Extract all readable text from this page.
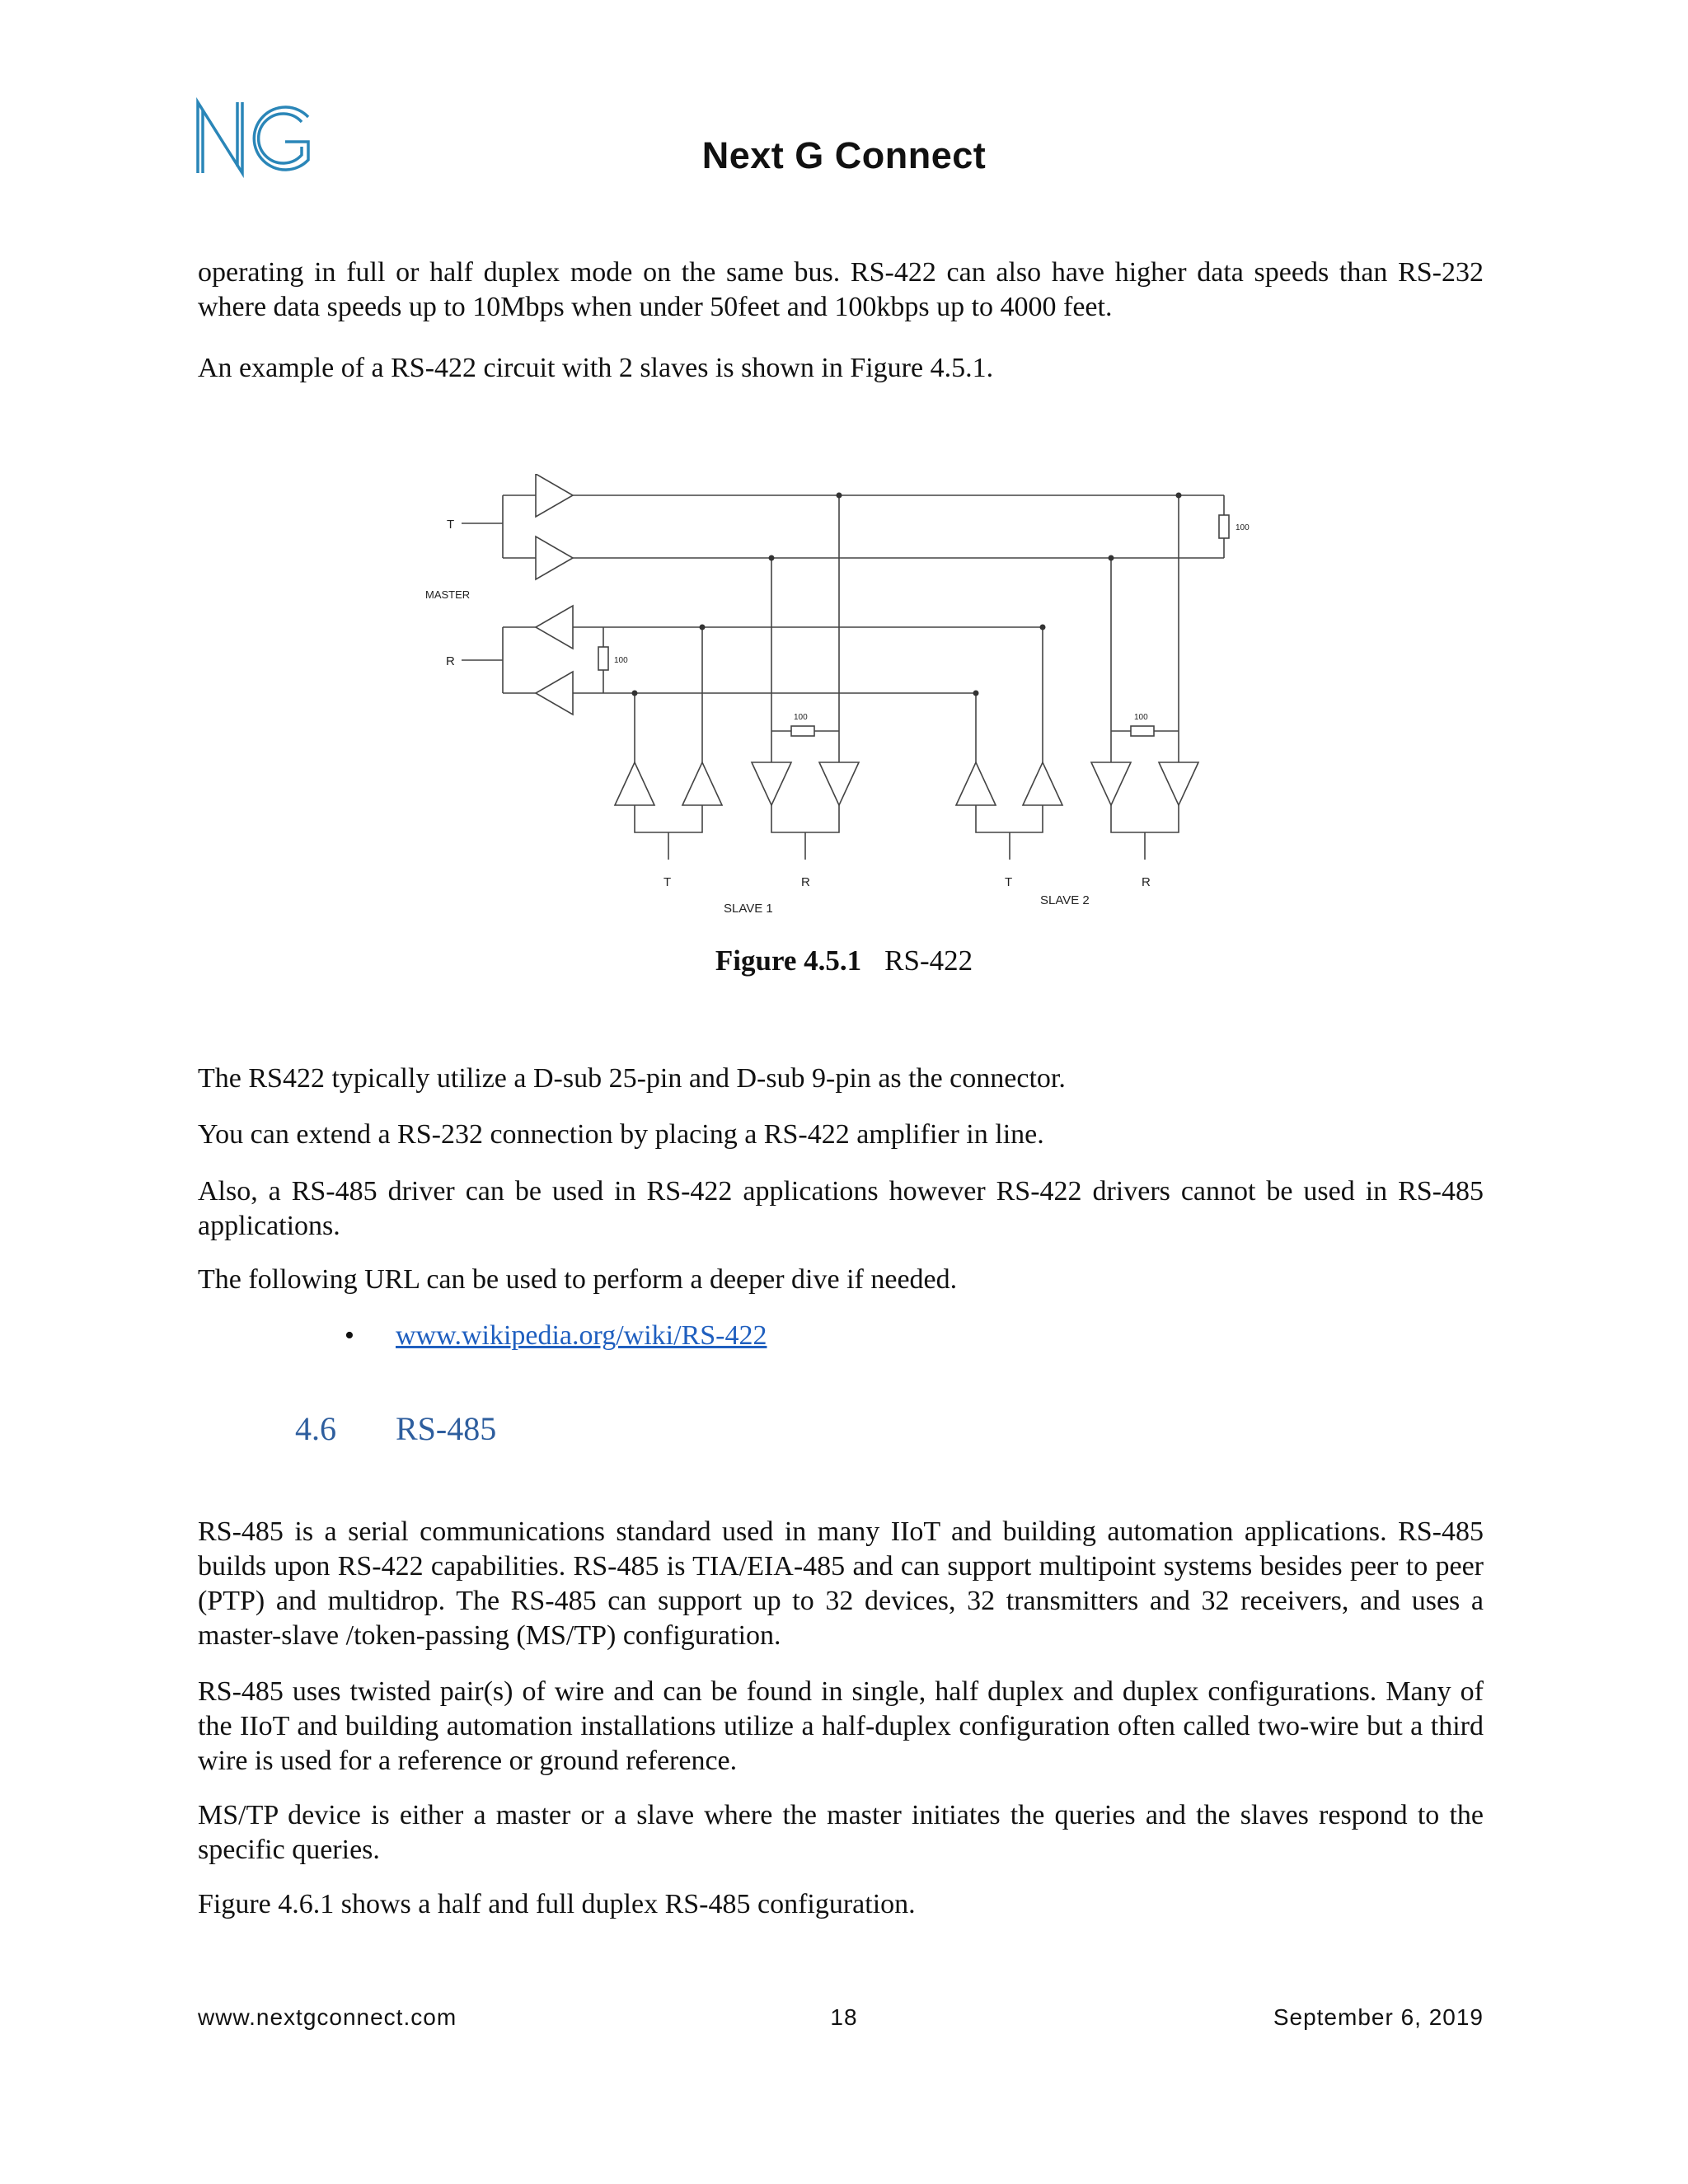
Next G Connect

operating in full or half duplex mode on the same bus. RS-422 can also have higher data speeds than RS-232 where data speeds up to 10Mbps when under 50feet and 100kbps up to 4000 feet.

An example of a RS-422 circuit with 2 slaves is shown in Figure 4.5.1.

T
MASTER
R
100
100
100	100
T	R
SLAVE 1
T	R
SLAVE 2
Figure 4.5.1 RS-422

The RS422 typically utilize a D-sub 25-pin and D-sub 9-pin as the connector.

You can extend a RS-232 connection by placing a RS-422 amplifier in line.

Also, a RS-485 driver can be used in RS-422 applications however RS-422 drivers cannot be used in RS-485 applications.

The following URL can be used to perform a deeper dive if needed.

• www.wikipedia.org/wiki/RS-422
4.6 RS-485

RS-485 is a serial communications standard used in many IIoT and building automation applications. RS-485 builds upon RS-422 capabilities. RS-485 is TIA/EIA-485 and can support multipoint systems besides peer to peer (PTP) and multidrop. The RS-485 can support up to 32 devices, 32 transmitters and 32 receivers, and uses a master-slave /token-passing (MS/TP) configuration.

RS-485 uses twisted pair(s) of wire and can be found in single, half duplex and duplex configurations. Many of the IIoT and building automation installations utilize a half-duplex configuration often called two-wire but a third wire is used for a reference or ground reference.

MS/TP device is either a master or a slave where the master initiates the queries and the slaves respond to the specific queries.

Figure 4.6.1 shows a half and full duplex RS-485 configuration.

www.nextgconnect.com	18	September 6, 2019
